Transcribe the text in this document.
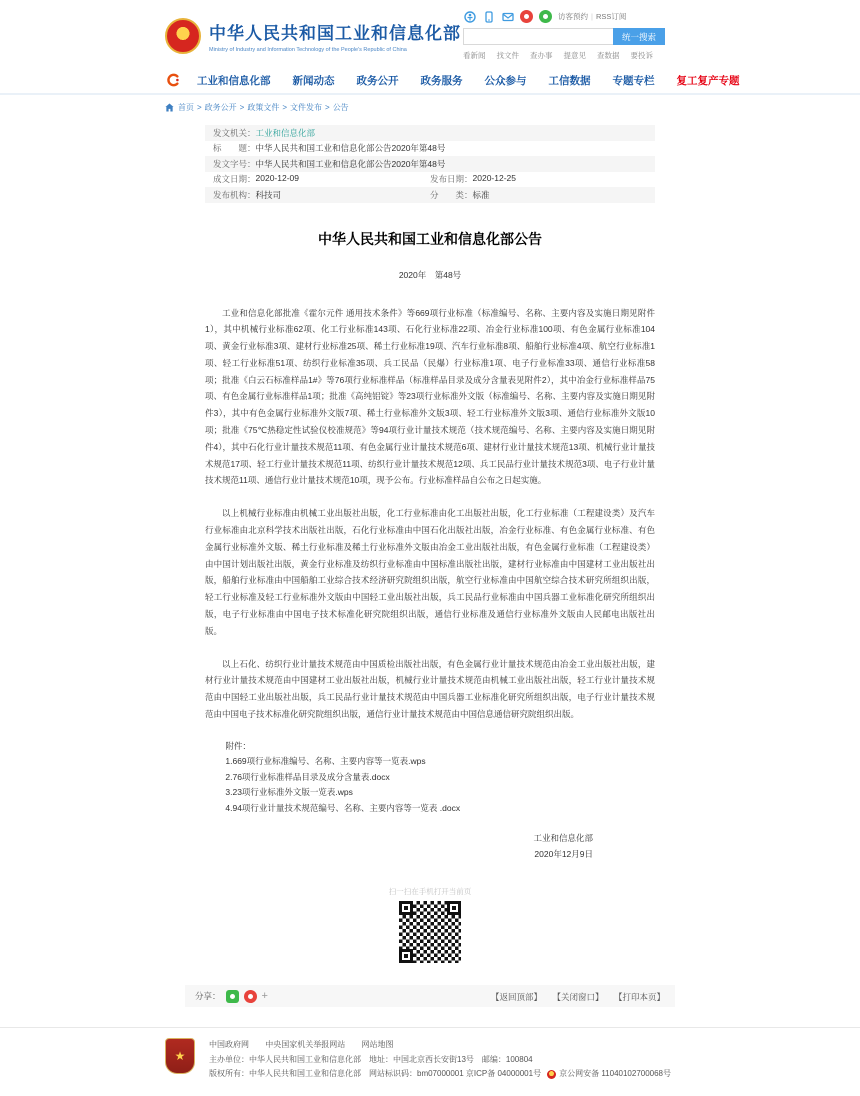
★	中华人民共和国工业和信息化部
Ministry of Industry and Information Technology of the People's Republic of China
访客预约 | RSS订阅
统一搜索
看新闻 找文件 查办事 提意见 查数据 要投诉
工业和信息化部 新闻动态 政务公开 政务服务 公众参与 工信数据 专题专栏 复工复产专题
首页 > 政务公开 > 政策文件 > 文件发布 > 公告
发文机关： 工业和信息化部
标　　题： 中华人民共和国工业和信息化部公告2020年第48号
发文字号： 中华人民共和国工业和信息化部公告2020年第48号
成文日期： 2020-12-09	发布日期： 2020-12-25
发布机构： 科技司	分　　类： 标准
中华人民共和国工业和信息化部公告
2020年　第48号

工业和信息化部批准《霍尔元件 通用技术条件》等669项行业标准（标准编号、名称、主要内容及实施日期见附件1），其中机械行业标准62项、化工行业标准143项、石化行业标准22项、冶金行业标准100项、有色金属行业标准104项、黄金行业标准3项、建材行业标准25项、稀土行业标准19项、汽车行业标准8项、船舶行业标准4项、航空行业标准1项、轻工行业标准51项、纺织行业标准35项、兵工民品（民爆）行业标准1项、电子行业标准33项、通信行业标准58项；批准《白云石标准样品1#》等76项行业标准样品（标准样品目录及成分含量表见附件2），其中冶金行业标准样品75项、有色金属行业标准样品1项；批准《高纯铝锭》等23项行业标准外文版（标准编号、名称、主要内容及实施日期见附件3），其中有色金属行业标准外文版7项、稀土行业标准外文版3项、轻工行业标准外文版3项、通信行业标准外文版10项；批准《75℃热稳定性试验仪校准规范》等94项行业计量技术规范（技术规范编号、名称、主要内容及实施日期见附件4），其中石化行业计量技术规范11项、有色金属行业计量技术规范6项、建材行业计量技术规范13项、机械行业计量技术规范17项、轻工行业计量技术规范11项、纺织行业计量技术规范12项、兵工民品行业计量技术规范3项、电子行业计量技术规范11项、通信行业计量技术规范10项，现予公布。行业标准样品自公布之日起实施。

以上机械行业标准由机械工业出版社出版，化工行业标准由化工出版社出版，化工行业标准（工程建设类）及汽车行业标准由北京科学技术出版社出版，石化行业标准由中国石化出版社出版，冶金行业标准、有色金属行业标准、有色金属行业标准外文版、稀土行业标准及稀土行业标准外文版由冶金工业出版社出版，有色金属行业标准（工程建设类）由中国计划出版社出版，黄金行业标准及纺织行业标准由中国标准出版社出版，建材行业标准由中国建材工业出版社出版，船舶行业标准由中国船舶工业综合技术经济研究院组织出版，航空行业标准由中国航空综合技术研究所组织出版，轻工行业标准及轻工行业标准外文版由中国轻工业出版社出版，兵工民品行业标准由中国兵器工业标准化研究所组织出版，电子行业标准由中国电子技术标准化研究院组织出版，通信行业标准及通信行业标准外文版由人民邮电出版社出版。

以上石化、纺织行业计量技术规范由中国质检出版社出版，有色金属行业计量技术规范由冶金工业出版社出版，建材行业计量技术规范由中国建材工业出版社出版，机械行业计量技术规范由机械工业出版社出版，轻工行业计量技术规范由中国轻工业出版社出版，兵工民品行业计量技术规范由中国兵器工业标准化研究所组织出版，电子行业计量技术规范由中国电子技术标准化研究院组织出版，通信行业计量技术规范由中国信息通信研究院组织出版。

附件：
1.669项行业标准编号、名称、主要内容等一览表.wps
2.76项行业标准样品目录及成分含量表.docx
3.23项行业标准外文版一览表.wps
4.94项行业计量技术规范编号、名称、主要内容等一览表 .docx
工业和信息化部
2020年12月9日
扫一扫在手机打开当前页
分享：	+	【返回顶部】 【关闭窗口】 【打印本页】
★
中国政府网 中央国家机关举报网站 网站地图
主办单位：中华人民共和国工业和信息化部　地址：中国北京西长安街13号　邮编：100804
版权所有：中华人民共和国工业和信息化部　网站标识码：bm07000001 京ICP备 04000001号 京公网安备 11040102700068号
